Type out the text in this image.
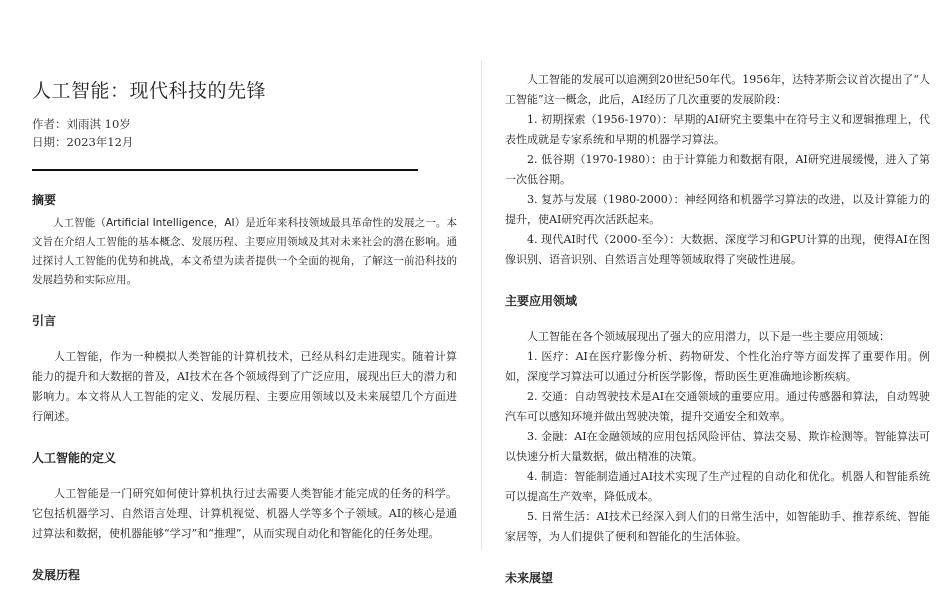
人工智能：现代科技的先锋
作者：刘雨淇 10岁
日期：2023年12月
摘要

人工智能（Artificial Intelligence，AI）是近年来科技领域最具革命性的发展之一。本文旨在介绍人工智能的基本概念、发展历程、主要应用领域及其对未来社会的潜在影响。通过探讨人工智能的优势和挑战，本文希望为读者提供一个全面的视角，了解这一前沿科技的发展趋势和实际应用。

引言

人工智能，作为一种模拟人类智能的计算机技术，已经从科幻走进现实。随着计算能力的提升和大数据的普及，AI技术在各个领域得到了广泛应用，展现出巨大的潜力和影响力。本文将从人工智能的定义、发展历程、主要应用领域以及未来展望几个方面进行阐述。

人工智能的定义

人工智能是一门研究如何使计算机执行过去需要人类智能才能完成的任务的科学。它包括机器学习、自然语言处理、计算机视觉、机器人学等多个子领域。AI的核心是通过算法和数据，使机器能够“学习”和“推理”，从而实现自动化和智能化的任务处理。

发展历程

人工智能的发展可以追溯到20世纪50年代。1956年，达特茅斯会议首次提出了“人工智能”这一概念，此后，AI经历了几次重要的发展阶段：

1. 初期探索（1956-1970）：早期的AI研究主要集中在符号主义和逻辑推理上，代表性成就是专家系统和早期的机器学习算法。

2. 低谷期（1970-1980）：由于计算能力和数据有限，AI研究进展缓慢，进入了第一次低谷期。

3. 复苏与发展（1980-2000）：神经网络和机器学习算法的改进，以及计算能力的提升，使AI研究再次活跃起来。

4. 现代AI时代（2000-至今）：大数据、深度学习和GPU计算的出现，使得AI在图像识别、语音识别、自然语言处理等领域取得了突破性进展。

主要应用领域

人工智能在各个领域展现出了强大的应用潜力，以下是一些主要应用领域：

1. 医疗：AI在医疗影像分析、药物研发、个性化治疗等方面发挥了重要作用。例如，深度学习算法可以通过分析医学影像，帮助医生更准确地诊断疾病。

2. 交通：自动驾驶技术是AI在交通领域的重要应用。通过传感器和算法，自动驾驶汽车可以感知环境并做出驾驶决策，提升交通安全和效率。

3. 金融：AI在金融领域的应用包括风险评估、算法交易、欺诈检测等。智能算法可以快速分析大量数据，做出精准的决策。

4. 制造：智能制造通过AI技术实现了生产过程的自动化和优化。机器人和智能系统可以提高生产效率，降低成本。

5. 日常生活：AI技术已经深入到人们的日常生活中，如智能助手、推荐系统、智能家居等，为人们提供了便利和智能化的生活体验。

未来展望
